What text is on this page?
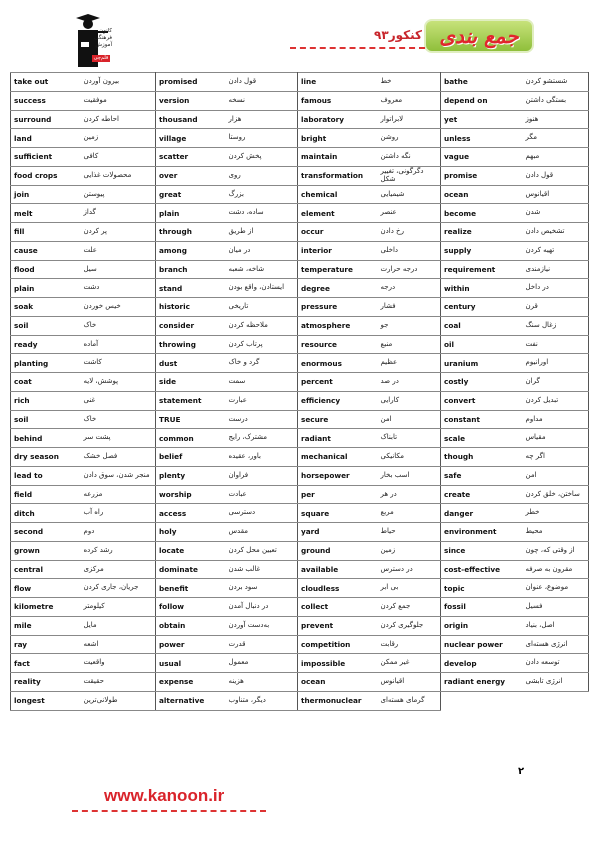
کانون فرهنگی آموزش
قلم‌چی
جمع بندی
کنکور۹۳
take out	بیرون آوردن	promised	قول دادن	line	خط	bathe	شستشو کردن
success	موفقیت	version	نسخه	famous	معروف	depend on	بستگی داشتن
surround	احاطه کردن	thousand	هزار	laboratory	لابراتوار	yet	هنوز
land	زمین	village	روستا	bright	روشن	unless	مگر
sufficient	کافی	scatter	پخش کردن	maintain	نگه داشتن	vague	مبهم
food crops	محصولات غذایی	over	روی	transformation	دگرگونی، تغییر شکل	promise	قول دادن
join	پیوستن	great	بزرگ	chemical	شیمیایی	ocean	اقیانوس
melt	گداز	plain	ساده، دشت	element	عنصر	become	شدن
fill	پر کردن	through	از طریق	occur	رخ دادن	realize	تشخیص دادن
cause	علت	among	در میان	interior	داخلی	supply	تهیه کردن
flood	سیل	branch	شاخه، شعبه	temperature	درجه حرارت	requirement	نیازمندی
plain	دشت	stand	ایستادن، واقع بودن	degree	درجه	within	در داخل
soak	خیس خوردن	historic	تاریخی	pressure	فشار	century	قرن
soil	خاک	consider	ملاحظه کردن	atmosphere	جو	coal	زغال سنگ
ready	آماده	throwing	پرتاب کردن	resource	منبع	oil	نفت
planting	کاشت	dust	گرد و خاک	enormous	عظیم	uranium	اورانیوم
coat	پوشش، لایه	side	سمت	percent	در صد	costly	گران
rich	غنی	statement	عبارت	efficiency	کارایی	convert	تبدیل کردن
soil	خاک	TRUE	درست	secure	امن	constant	مداوم
behind	پشت سر	common	مشترک، رایج	radiant	تابناک	scale	مقیاس
dry season	فصل خشک	belief	باور، عقیده	mechanical	مکانیکی	though	اگر چه
lead to	منجر شدن، سوق دادن	plenty	فراوان	horsepower	اسب بخار	safe	امن
field	مزرعه	worship	عبادت	per	در هر	create	ساختن، خلق کردن
ditch	راه آب	access	دسترسی	square	مربع	danger	خطر
second	دوم	holy	مقدس	yard	حیاط	environment	محیط
grown	رشد کرده	locate	تعیین محل کردن	ground	زمین	since	از وقتی که، چون
central	مرکزی	dominate	غالب شدن	available	در دسترس	cost-effective	مقرون به صرفه
flow	جریان، جاری کردن	benefit	سود بردن	cloudless	بی ابر	topic	موضوع، عنوان
kilometre	کیلومتر	follow	در دنبال آمدن	collect	جمع کردن	fossil	فسیل
mile	مایل	obtain	به‌دست آوردن	prevent	جلوگیری کردن	origin	اصل، بنیاد
ray	اشعه	power	قدرت	competition	رقابت	nuclear power	انرژی هسته‌ای
fact	واقعیت	usual	معمول	impossible	غیر ممکن	develop	توسعه دادن
reality	حقیقت	expense	هزینه	ocean	اقیانوس	radiant energy	انرژی تابشی
longest	طولانی‌ترین	alternative	دیگر، متناوب	thermonuclear	گرمای هسته‌ای		
۲
www.kanoon.ir
